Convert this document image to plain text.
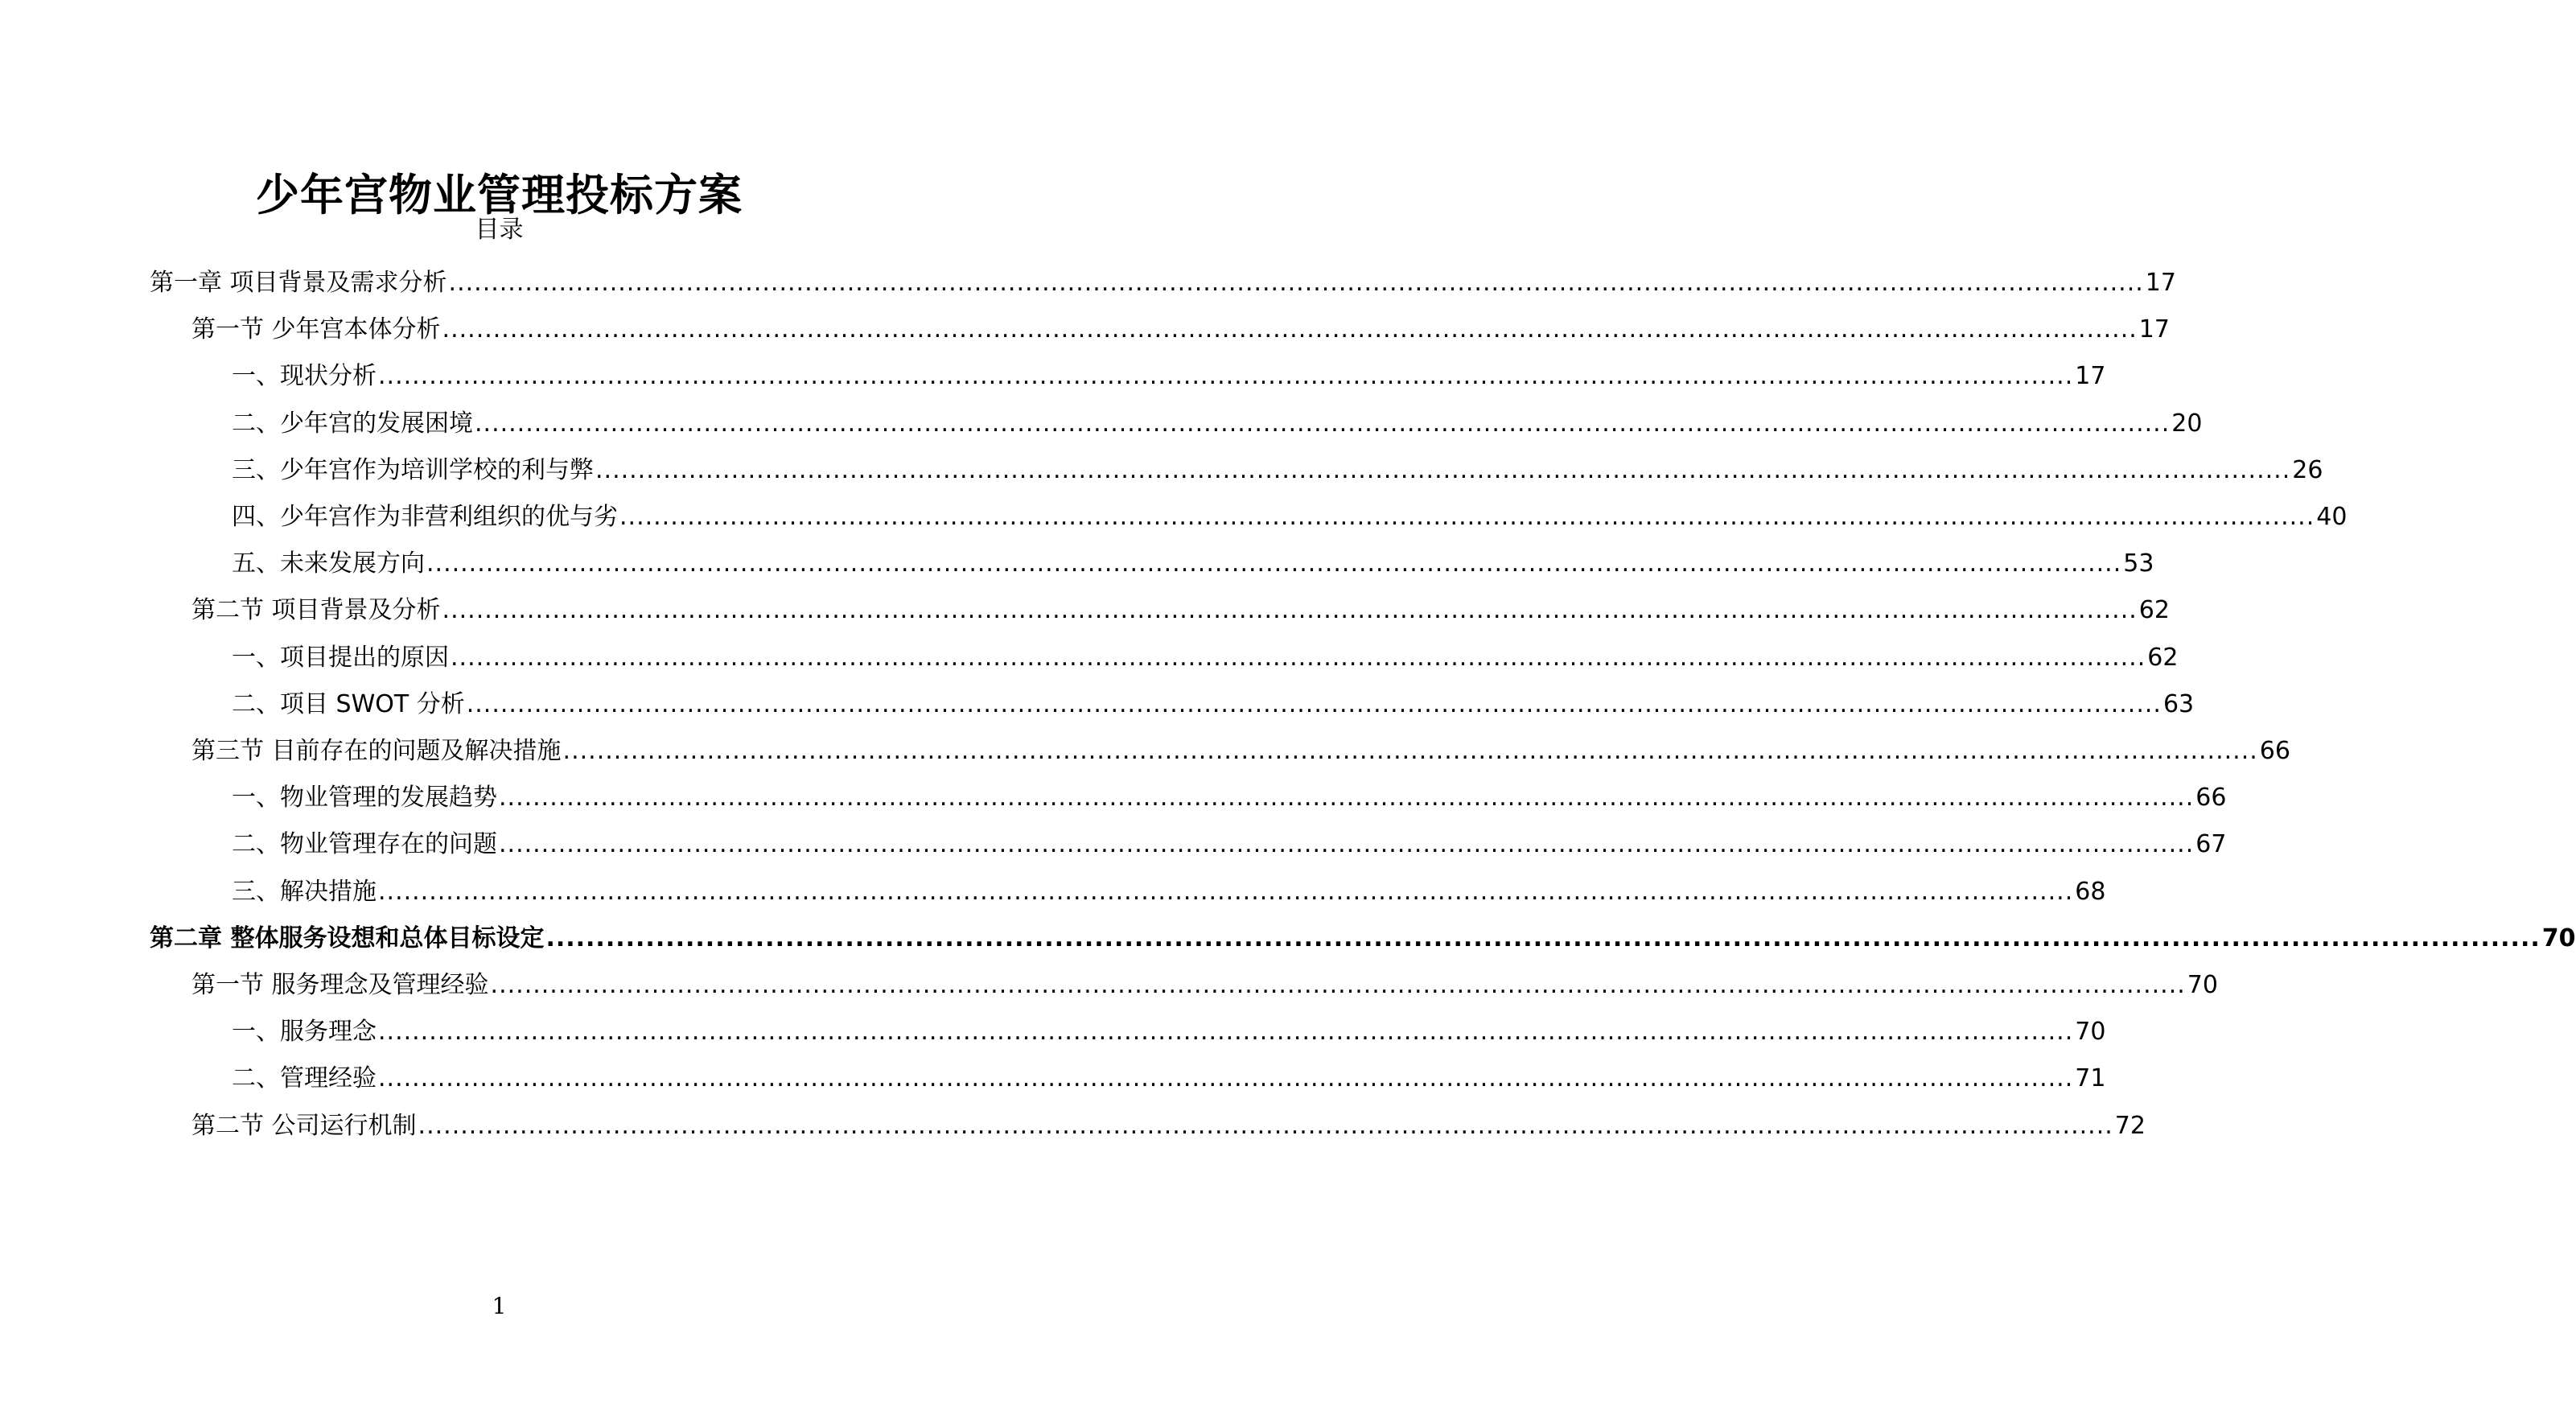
少年宫物业管理投标方案
目录
第一章 项目背景及需求分析 ........................................................................................................................................................................................................ 17
第一节 少年宫本体分析 ........................................................................................................................................................................................................ 17
一、现状分析 ........................................................................................................................................................................................................ 17
二、少年宫的发展困境 ........................................................................................................................................................................................................ 20
三、少年宫作为培训学校的利与弊 ........................................................................................................................................................................................................ 26
四、少年宫作为非营利组织的优与劣 ........................................................................................................................................................................................................ 40
五、未来发展方向 ........................................................................................................................................................................................................ 53
第二节 项目背景及分析 ........................................................................................................................................................................................................ 62
一、项目提出的原因 ........................................................................................................................................................................................................ 62
二、项目 SWOT 分析 ........................................................................................................................................................................................................ 63
第三节 目前存在的问题及解决措施 ........................................................................................................................................................................................................ 66
一、物业管理的发展趋势 ........................................................................................................................................................................................................ 66
二、物业管理存在的问题 ........................................................................................................................................................................................................ 67
三、解决措施 ........................................................................................................................................................................................................ 68
第二章 整体服务设想和总体目标设定 ........................................................................................................................................................................................................ 70
第一节 服务理念及管理经验 ........................................................................................................................................................................................................ 70
一、服务理念 ........................................................................................................................................................................................................ 70
二、管理经验 ........................................................................................................................................................................................................ 71
第二节 公司运行机制 ........................................................................................................................................................................................................ 72
1
